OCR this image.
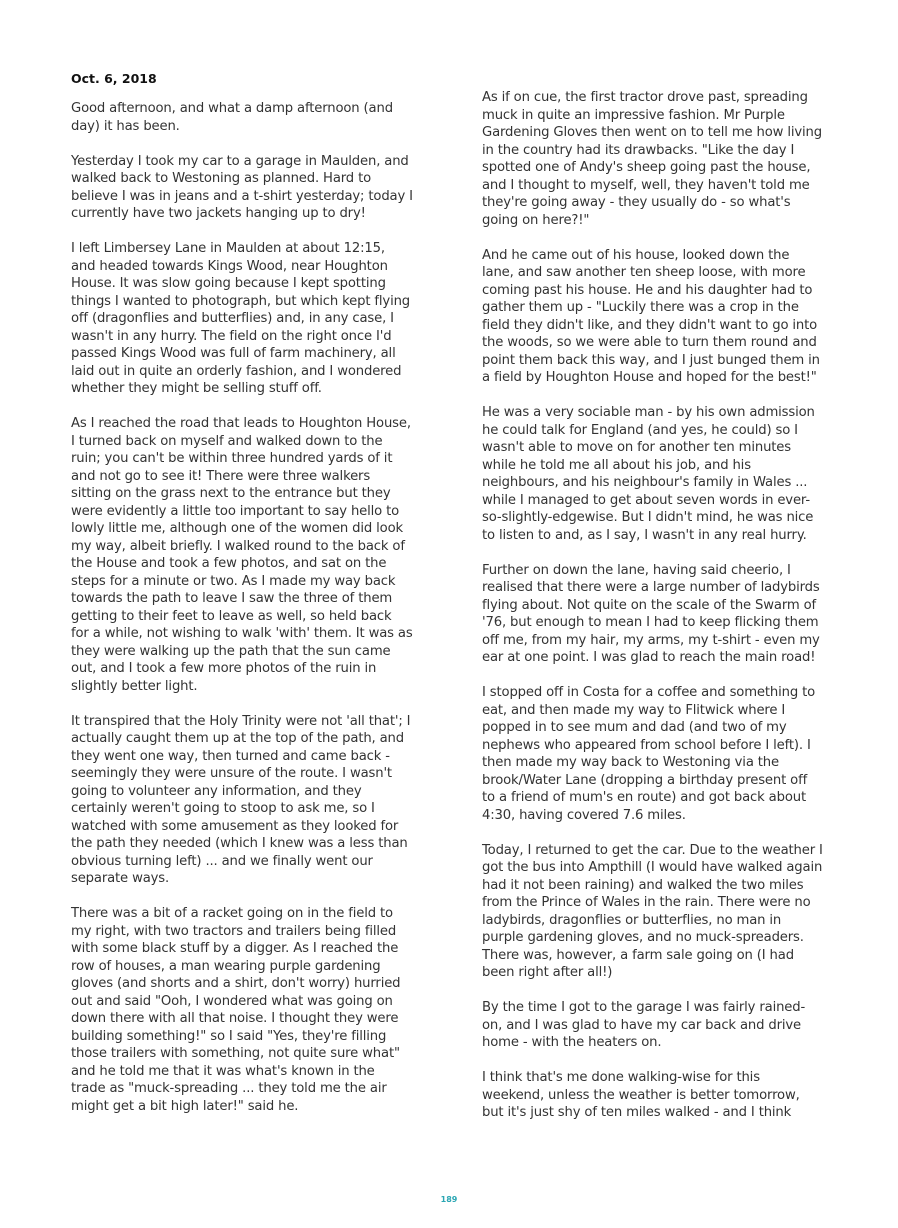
Oct. 6, 2018

Good afternoon, and what a damp afternoon (and day) it has been.

Yesterday I took my car to a garage in Maulden, and walked back to Westoning as planned. Hard to believe I was in jeans and a t-shirt yesterday; today I currently have two jackets hanging up to dry!

I left Limbersey Lane in Maulden at about 12:15, and headed towards Kings Wood, near Houghton House. It was slow going because I kept spotting things I wanted to photograph, but which kept flying off (dragonflies and butterflies) and, in any case, I wasn't in any hurry. The field on the right once I'd passed Kings Wood was full of farm machinery, all laid out in quite an orderly fashion, and I wondered whether they might be selling stuff off.

As I reached the road that leads to Houghton House, I turned back on myself and walked down to the ruin; you can't be within three hundred yards of it and not go to see it! There were three walkers sitting on the grass next to the entrance but they were evidently a little too important to say hello to lowly little me, although one of the women did look my way, albeit briefly. I walked round to the back of the House and took a few photos, and sat on the steps for a minute or two. As I made my way back towards the path to leave I saw the three of them getting to their feet to leave as well, so held back for a while, not wishing to walk 'with' them. It was as they were walking up the path that the sun came out, and I took a few more photos of the ruin in slightly better light.

It transpired that the Holy Trinity were not 'all that'; I actually caught them up at the top of the path, and they went one way, then turned and came back - seemingly they were unsure of the route. I wasn't going to volunteer any information, and they certainly weren't going to stoop to ask me, so I watched with some amusement as they looked for the path they needed (which I knew was a less than obvious turning left) ... and we finally went our separate ways.

There was a bit of a racket going on in the field to my right, with two tractors and trailers being filled with some black stuff by a digger. As I reached the row of houses, a man wearing purple gardening gloves (and shorts and a shirt, don't worry) hurried out and said "Ooh, I wondered what was going on down there with all that noise. I thought they were building something!" so I said "Yes, they're filling those trailers with something, not quite sure what" and he told me that it was what's known in the trade as "muck-spreading ... they told me the air might get a bit high later!" said he.

As if on cue, the first tractor drove past, spreading muck in quite an impressive fashion. Mr Purple Gardening Gloves then went on to tell me how living in the country had its drawbacks. "Like the day I spotted one of Andy's sheep going past the house, and I thought to myself, well, they haven't told me they're going away - they usually do - so what's going on here?!"

And he came out of his house, looked down the lane, and saw another ten sheep loose, with more coming past his house. He and his daughter had to gather them up - "Luckily there was a crop in the field they didn't like, and they didn't want to go into the woods, so we were able to turn them round and point them back this way, and I just bunged them in a field by Houghton House and hoped for the best!"

He was a very sociable man - by his own admission he could talk for England (and yes, he could) so I wasn't able to move on for another ten minutes while he told me all about his job, and his neighbours, and his neighbour's family in Wales ... while I managed to get about seven words in ever-so-slightly-edgewise. But I didn't mind, he was nice to listen to and, as I say, I wasn't in any real hurry.

Further on down the lane, having said cheerio, I realised that there were a large number of ladybirds flying about. Not quite on the scale of the Swarm of '76, but enough to mean I had to keep flicking them off me, from my hair, my arms, my t-shirt - even my ear at one point. I was glad to reach the main road!

I stopped off in Costa for a coffee and something to eat, and then made my way to Flitwick where I popped in to see mum and dad (and two of my nephews who appeared from school before I left). I then made my way back to Westoning via the brook/Water Lane (dropping a birthday present off to a friend of mum's en route) and got back about 4:30, having covered 7.6 miles.

Today, I returned to get the car. Due to the weather I got the bus into Ampthill (I would have walked again had it not been raining) and walked the two miles from the Prince of Wales in the rain. There were no ladybirds, dragonflies or butterflies, no man in purple gardening gloves, and no muck-spreaders. There was, however, a farm sale going on (I had been right after all!)

By the time I got to the garage I was fairly rained-on, and I was glad to have my car back and drive home - with the heaters on.

I think that's me done walking-wise for this weekend, unless the weather is better tomorrow, but it's just shy of ten miles walked - and I think

189
